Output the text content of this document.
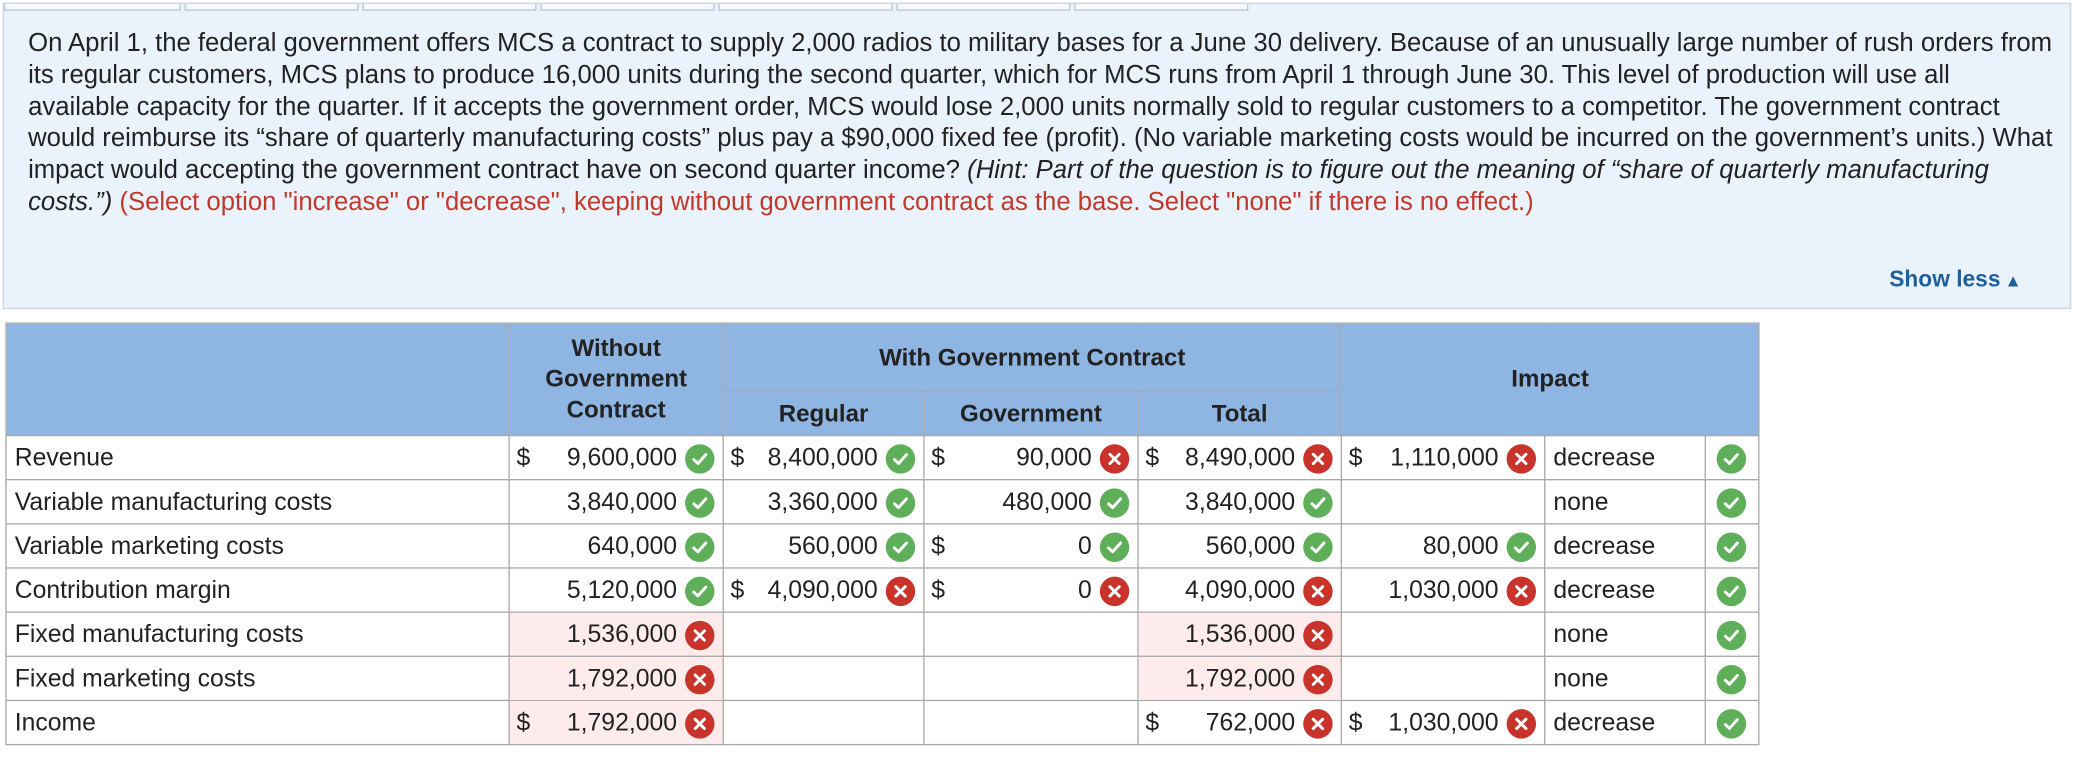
On April 1, the federal government offers MCS a contract to supply 2,000 radios to military bases for a June 30 delivery. Because of an unusually large number of rush orders from its regular customers, MCS plans to produce 16,000 units during the second quarter, which for MCS runs from April 1 through June 30. This level of production will use all available capacity for the quarter. If it accepts the government order, MCS would lose 2,000 units normally sold to regular customers to a competitor. The government contract would reimburse its “share of quarterly manufacturing costs” plus pay a $90,000 fixed fee (profit). (No variable marketing costs would be incurred on the government’s units.) What impact would accepting the government contract have on second quarter income? (Hint: Part of the question is to figure out the meaning of “share of quarterly manufacturing costs.”) (Select option "increase" or "decrease", keeping without government contract as the base. Select "none" if there is no effect.)
Show less ▲
	Without Government Contract	With Government Contract			Impact		
		Regular	Government	Total			
Revenue	$ 9,600,000	$ 8,400,000	$ 90,000	$ 8,490,000	$ 1,110,000	decrease	

Variable manufacturing costs	3,840,000	3,360,000	480,000	3,840,000		none	

Variable marketing costs	640,000	560,000	$ 0	560,000	80,000	decrease	

Contribution margin	5,120,000	$ 4,090,000	$ 0	4,090,000	1,030,000	decrease	

Fixed manufacturing costs	1,536,000			1,536,000		none	

Fixed marketing costs	1,792,000			1,792,000		none	

Income	$ 1,792,000			$ 762,000	$ 1,030,000	decrease	
